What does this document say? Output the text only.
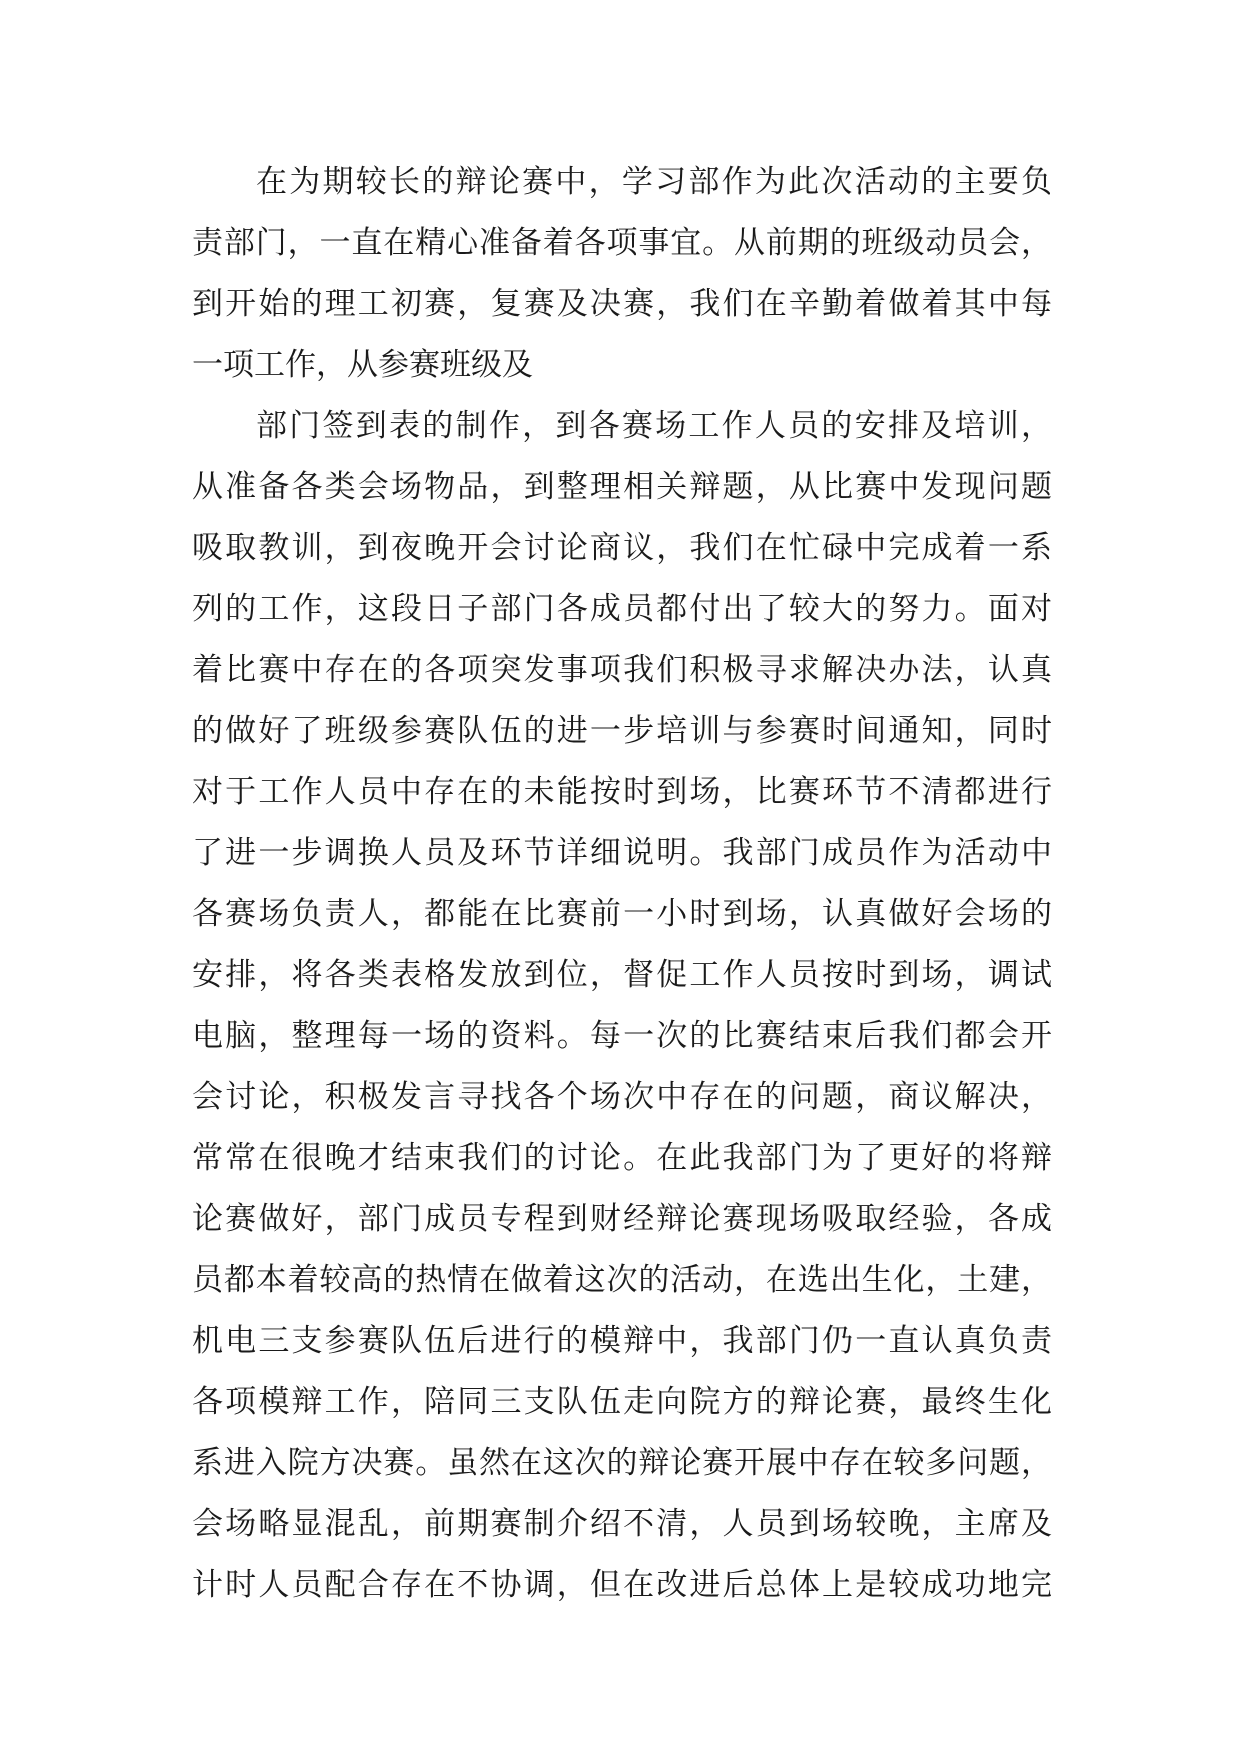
在为期较长的辩论赛中，学习部作为此次活动的主要负
责部门，一直在精心准备着各项事宜。从前期的班级动员会，
到开始的理工初赛，复赛及决赛，我们在辛勤着做着其中每
一项工作，从参赛班级及
部门签到表的制作，到各赛场工作人员的安排及培训，
从准备各类会场物品，到整理相关辩题，从比赛中发现问题
吸取教训，到夜晚开会讨论商议，我们在忙碌中完成着一系
列的工作，这段日子部门各成员都付出了较大的努力。面对
着比赛中存在的各项突发事项我们积极寻求解决办法，认真
的做好了班级参赛队伍的进一步培训与参赛时间通知，同时
对于工作人员中存在的未能按时到场，比赛环节不清都进行
了进一步调换人员及环节详细说明。我部门成员作为活动中
各赛场负责人，都能在比赛前一小时到场，认真做好会场的
安排，将各类表格发放到位，督促工作人员按时到场，调试
电脑，整理每一场的资料。每一次的比赛结束后我们都会开
会讨论，积极发言寻找各个场次中存在的问题，商议解决，
常常在很晚才结束我们的讨论。在此我部门为了更好的将辩
论赛做好，部门成员专程到财经辩论赛现场吸取经验，各成
员都本着较高的热情在做着这次的活动，在选出生化，土建，
机电三支参赛队伍后进行的模辩中，我部门仍一直认真负责
各项模辩工作，陪同三支队伍走向院方的辩论赛，最终生化
系进入院方决赛。虽然在这次的辩论赛开展中存在较多问题，
会场略显混乱，前期赛制介绍不清，人员到场较晚，主席及
计时人员配合存在不协调，但在改进后总体上是较成功地完
